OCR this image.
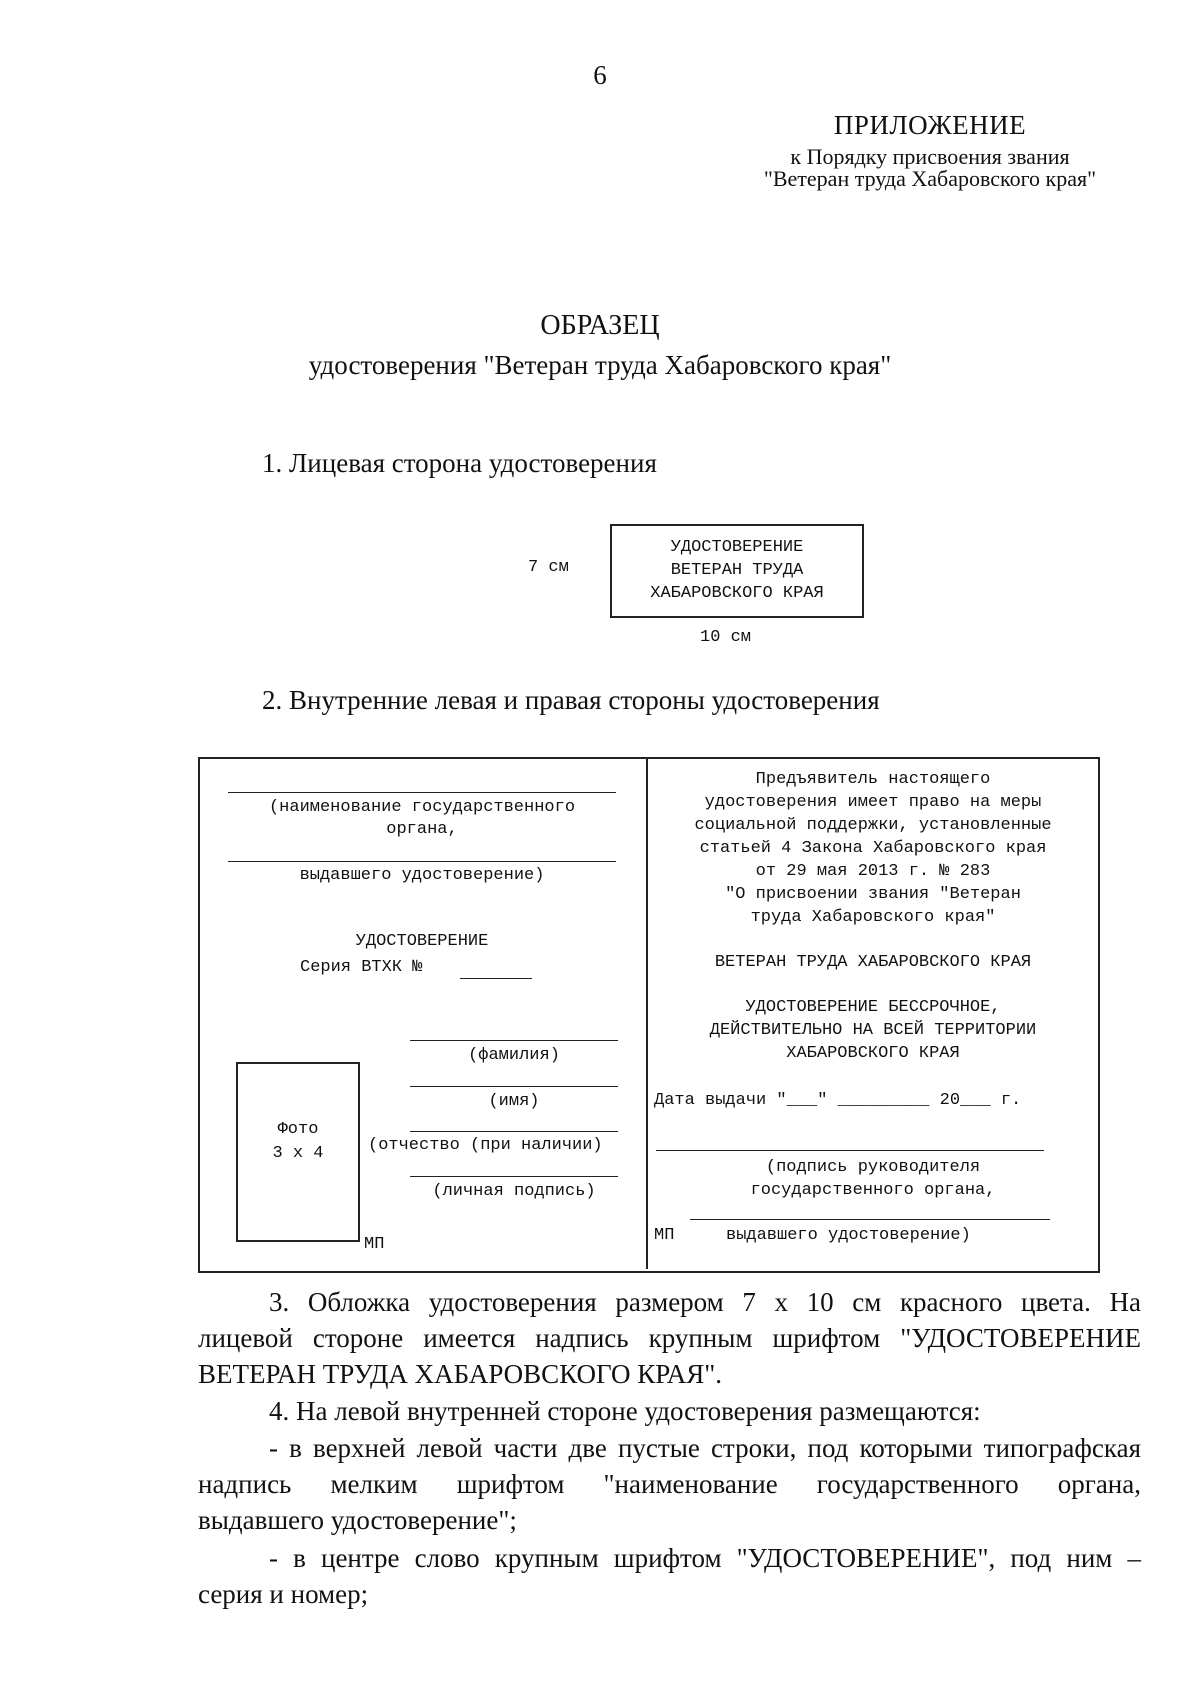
6
ПРИЛОЖЕНИЕ
к Порядку присвоения звания
"Ветеран труда Хабаровского края"
ОБРАЗЕЦ
удостоверения "Ветеран труда Хабаровского края"
1. Лицевая сторона удостоверения
УДОСТОВЕРЕНИЕ
ВЕТЕРАН ТРУДА
ХАБАРОВСКОГО КРАЯ
7 см
10 см
2. Внутренние левая и правая стороны удостоверения
(наименование государственного
органа,
выдавшего удостоверение)
УДОСТОВЕРЕНИЕ
Серия ВТХК №
(фамилия)
(имя)
(отчество (при наличии)
(личная подпись)
Фото
3 x 4
МП
Предъявитель настоящего
удостоверения имеет право на меры
социальной поддержки, установленные
статьей 4 Закона Хабаровского края
от 29 мая 2013 г. № 283
"О присвоении звания "Ветеран
труда Хабаровского края"
ВЕТЕРАН ТРУДА ХАБАРОВСКОГО КРАЯ
УДОСТОВЕРЕНИЕ БЕССРОЧНОЕ,
ДЕЙСТВИТЕЛЬНО НА ВСЕЙ ТЕРРИТОРИИ
ХАБАРОВСКОГО КРАЯ
Дата выдачи "___" _________ 20___ г.
(подпись руководителя
государственного органа,
выдавшего удостоверение)
МП
3. Обложка удостоверения размером 7 x 10 см красного цвета. На
лицевой стороне имеется надпись крупным шрифтом "УДОСТОВЕРЕНИЕ
ВЕТЕРАН ТРУДА ХАБАРОВСКОГО КРАЯ".
4. На левой внутренней стороне удостоверения размещаются:
- в верхней левой части две пустые строки, под которыми типографская
надпись мелким шрифтом "наименование государственного органа,
выдавшего удостоверение";
- в центре слово крупным шрифтом "УДОСТОВЕРЕНИЕ", под ним –
серия и номер;
